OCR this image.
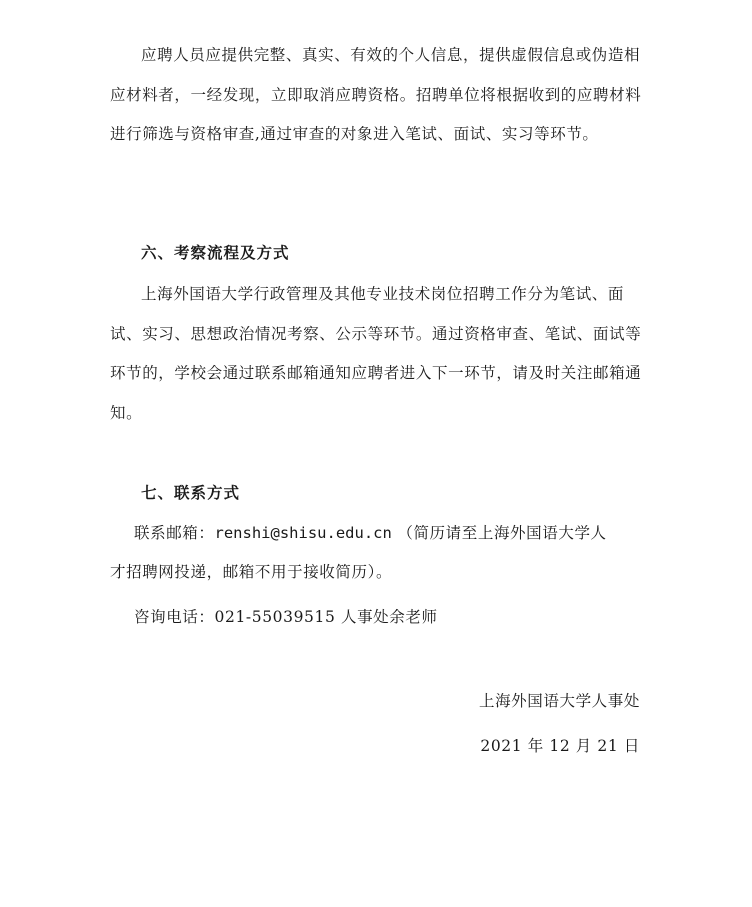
应聘人员应提供完整、真实、有效的个人信息，提供虚假信息或伪造相应材料者，一经发现，立即取消应聘资格。招聘单位将根据收到的应聘材料进行筛选与资格审查,通过审查的对象进入笔试、面试、实习等环节。

六、考察流程及方式

上海外国语大学行政管理及其他专业技术岗位招聘工作分为笔试、面试、实习、思想政治情况考察、公示等环节。通过资格审查、笔试、面试等环节的，学校会通过联系邮箱通知应聘者进入下一环节，请及时关注邮箱通知。

七、联系方式

联系邮箱：renshi@shisu.edu.cn （简历请至上海外国语大学人

才招聘网投递，邮箱不用于接收简历）。

咨询电话：021-55039515 人事处余老师

上海外国语大学人事处

2021 年 12 月 21 日
